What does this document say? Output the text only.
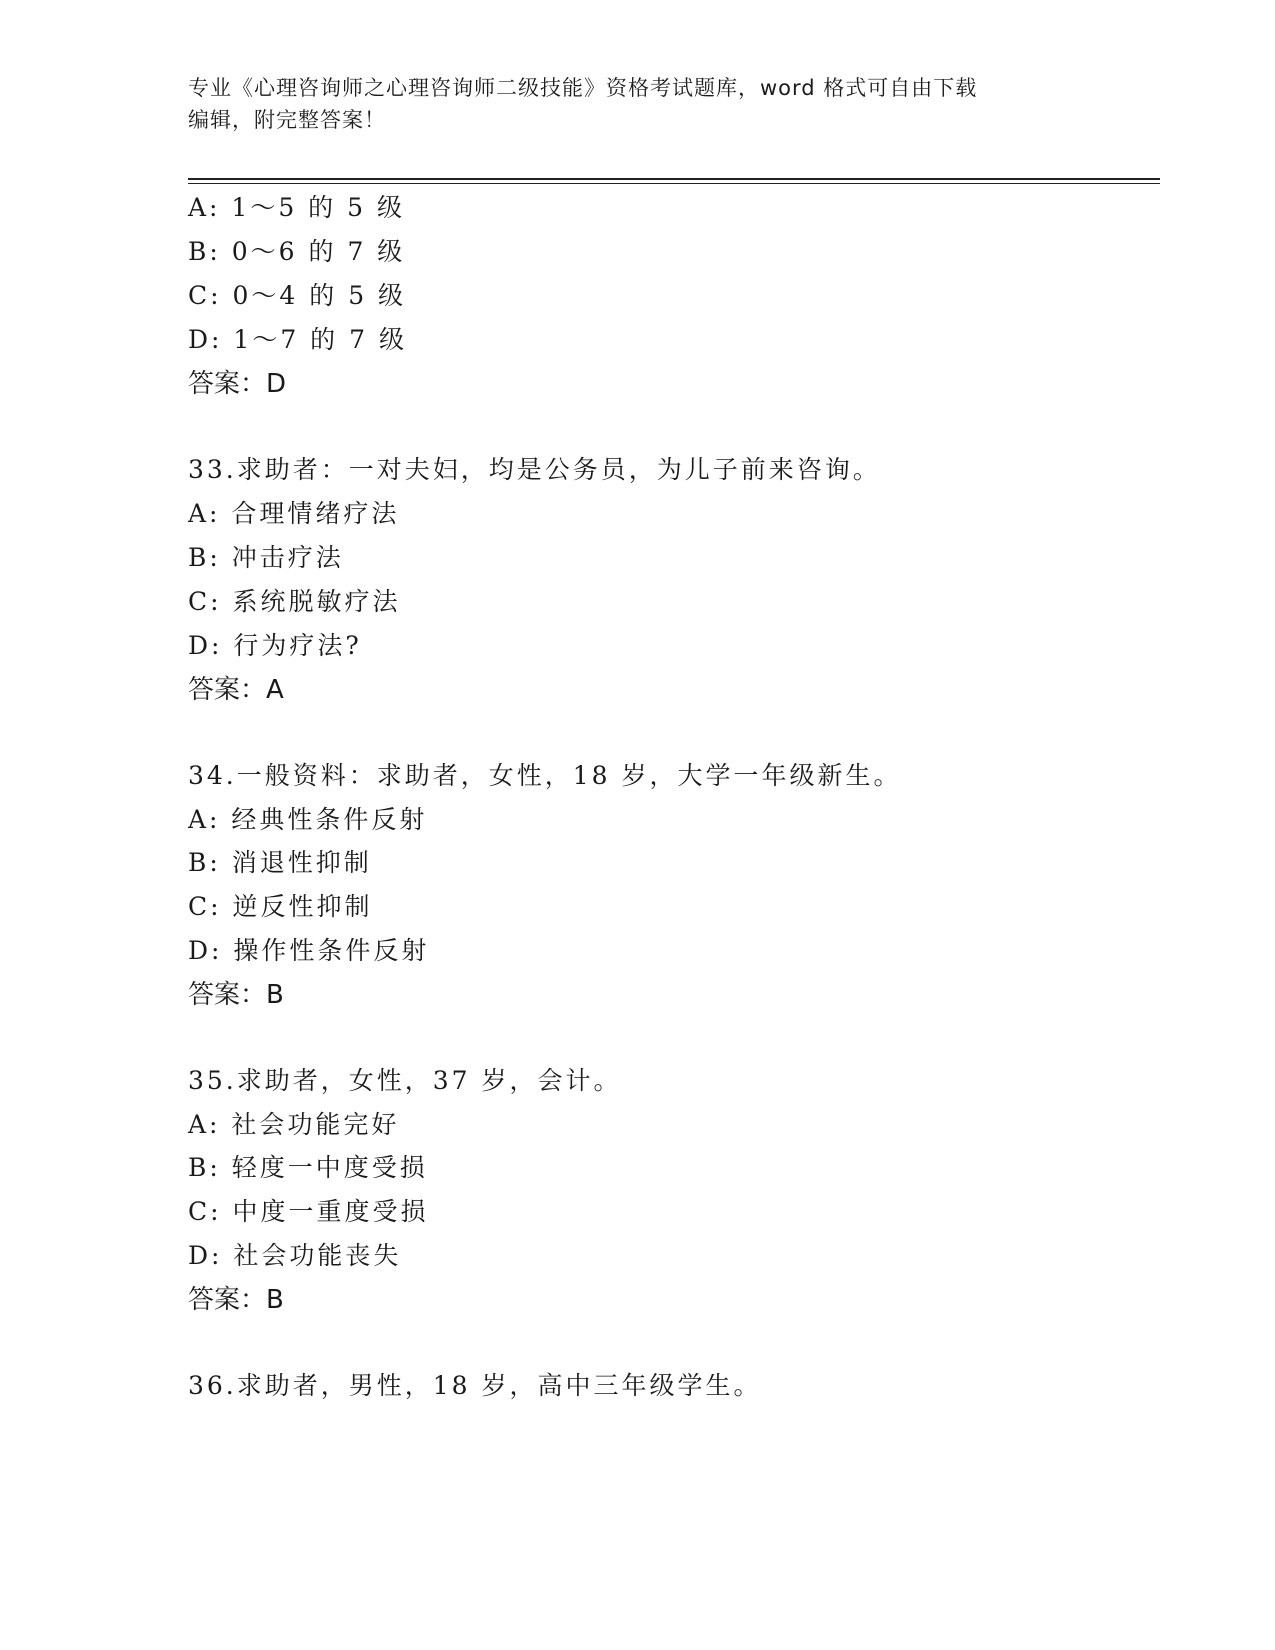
专业《心理咨询师之心理咨询师二级技能》资格考试题库，word 格式可自由下载
编辑，附完整答案！
A: 1～5 的 5 级
B: 0～6 的 7 级
C: 0～4 的 5 级
D: 1～7 的 7 级
答案：D
33.求助者：一对夫妇，均是公务员，为儿子前来咨询。
A: 合理情绪疗法
B: 冲击疗法
C: 系统脱敏疗法
D: 行为疗法?
答案：A
34.一般资料：求助者，女性，18 岁，大学一年级新生。
A: 经典性条件反射
B: 消退性抑制
C: 逆反性抑制
D: 操作性条件反射
答案：B
35.求助者，女性，37 岁，会计。
A: 社会功能完好
B: 轻度一中度受损
C: 中度一重度受损
D: 社会功能丧失
答案：B
36.求助者，男性，18 岁，高中三年级学生。
